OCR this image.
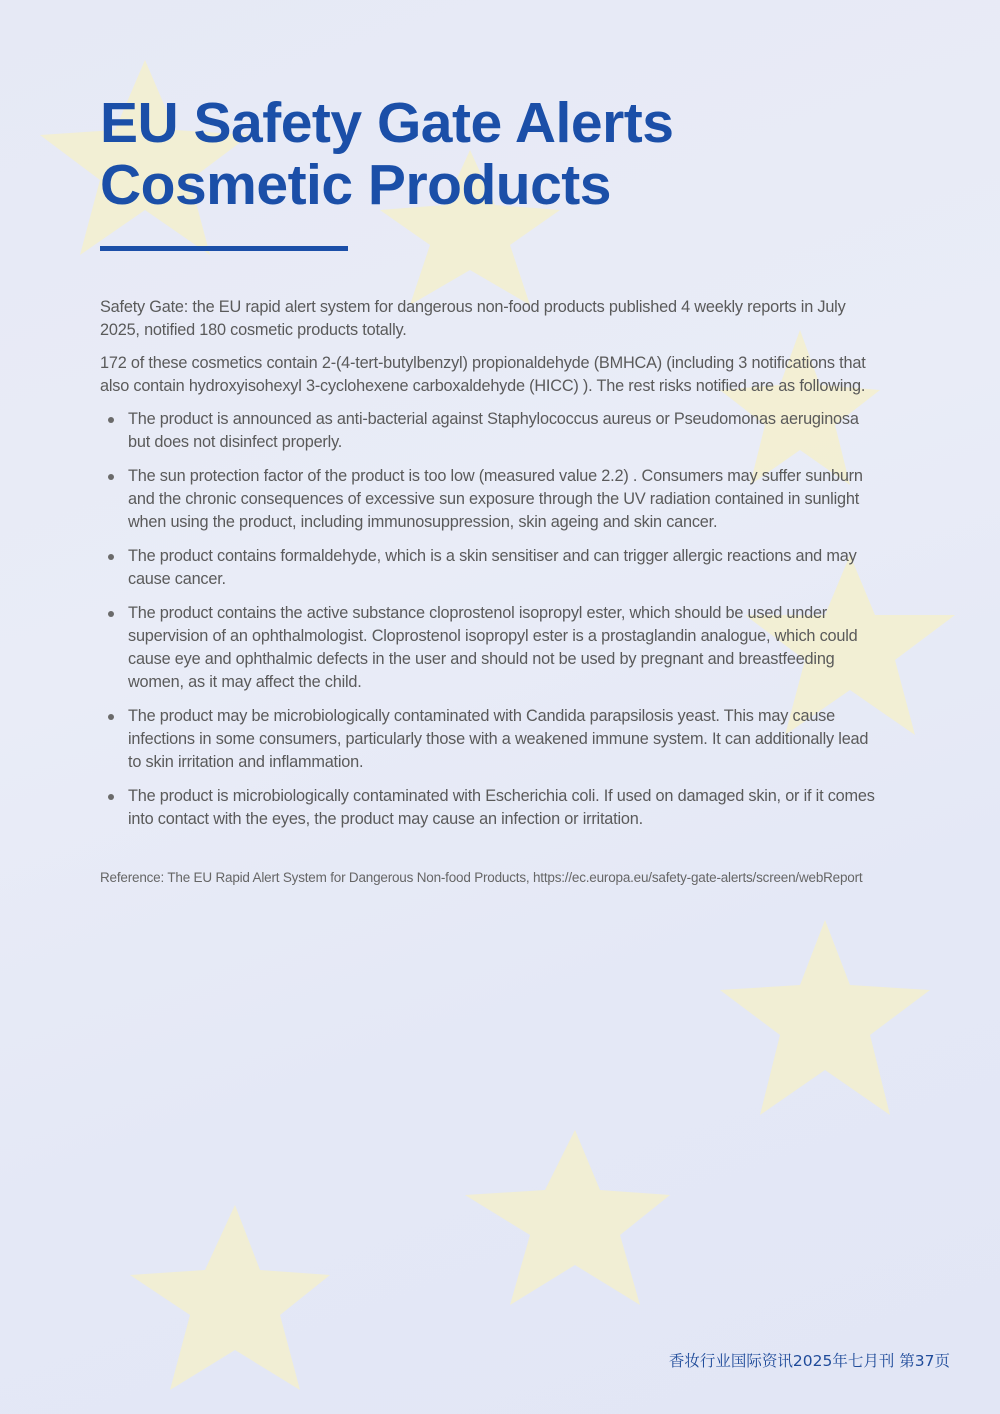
EU Safety Gate Alerts
Cosmetic Products

Safety Gate: the EU rapid alert system for dangerous non-food products published 4 weekly reports in July 2025, notified 180 cosmetic products totally.

172 of these cosmetics contain 2-(4-tert-butylbenzyl) propionaldehyde (BMHCA) (including 3 notifications that also contain hydroxyisohexyl 3-cyclohexene carboxaldehyde (HICC) ). The rest risks notified are as following.

The product is announced as anti-bacterial against Staphylococcus aureus or Pseudomonas aeruginosa but does not disinfect properly.
The sun protection factor of the product is too low (measured value 2.2) . Consumers may suffer sunburn and the chronic consequences of excessive sun exposure through the UV radiation contained in sunlight when using the product, including immunosuppression, skin ageing and skin cancer.
The product contains formaldehyde, which is a skin sensitiser and can trigger allergic reactions and may cause cancer.
The product contains the active substance cloprostenol isopropyl ester, which should be used under supervision of an ophthalmologist. Cloprostenol isopropyl ester is a prostaglandin analogue, which could cause eye and ophthalmic defects in the user and should not be used by pregnant and breastfeeding women, as it may affect the child.
The product may be microbiologically contaminated with Candida parapsilosis yeast. This may cause infections in some consumers, particularly those with a weakened immune system. It can additionally lead to skin irritation and inflammation.
The product is microbiologically contaminated with Escherichia coli. If used on damaged skin, or if it comes into contact with the eyes, the product may cause an infection or irritation.

Reference: The EU Rapid Alert System for Dangerous Non-food Products, https://ec.europa.eu/safety-gate-alerts/screen/webReport

香妆行业国际资讯2025年七月刊 第37页
